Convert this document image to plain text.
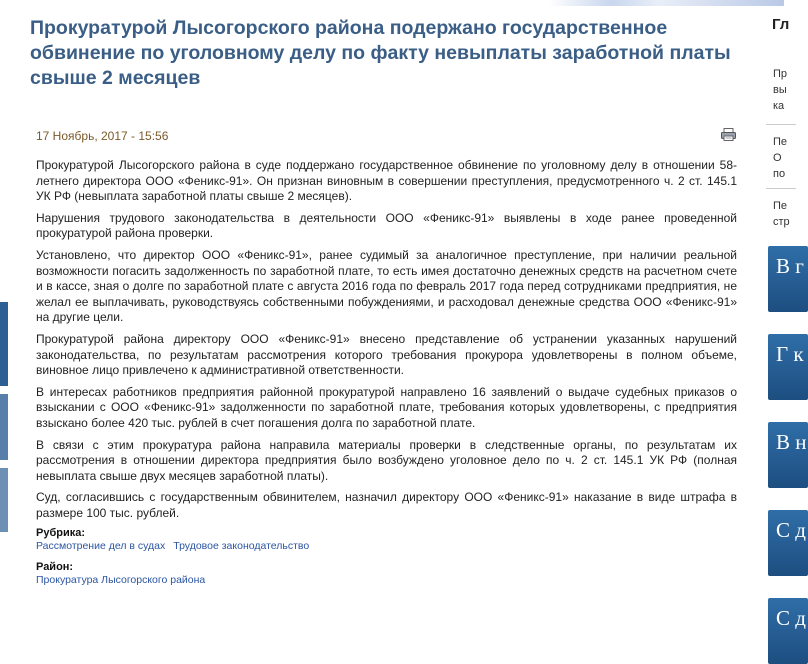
Прокуратурой Лысогорского района подержано государственное обвинение по уголовному делу по факту невыплаты заработной платы свыше 2 месяцев
17 Ноябрь, 2017 - 15:56

Прокуратурой Лысогорского района в суде поддержано государственное обвинение по уголовному делу в отношении 58-летнего директора ООО «Феникс-91». Он признан виновным в совершении преступления, предусмотренного ч. 2 ст. 145.1 УК РФ (невыплата заработной платы свыше 2 месяцев).

Нарушения трудового законодательства в деятельности ООО «Феникс-91» выявлены в ходе ранее проведенной прокуратурой района проверки.

Установлено, что директор ООО «Феникс-91», ранее судимый за аналогичное преступление, при наличии реальной возможности погасить задолженность по заработной плате, то есть имея достаточно денежных средств на расчетном счете и в кассе, зная о долге по заработной плате с августа 2016 года по февраль 2017 года перед сотрудниками предприятия, не желал ее выплачивать, руководствуясь собственными побуждениями, и расходовал денежные средства ООО «Феникс-91» на другие цели.

Прокуратурой района директору ООО «Феникс-91» внесено представление об устранении указанных нарушений законодательства, по результатам рассмотрения которого требования прокурора удовлетворены в полном объеме, виновное лицо привлечено к административной ответственности.

В интересах работников предприятия районной прокуратурой направлено 16 заявлений о выдаче судебных приказов о взыскании с ООО «Феникс-91» задолженности по заработной плате, требования которых удовлетворены, с предприятия взыскано более 420 тыс. рублей в счет погашения долга по заработной плате.

В связи с этим прокуратура района направила материалы проверки в следственные органы, по результатам их рассмотрения в отношении директора предприятия было возбуждено уголовное дело по ч. 2 ст. 145.1 УК РФ (полная невыплата свыше двух месяцев заработной платы).

Суд, согласившись с государственным обвинителем, назначил директору ООО «Феникс-91» наказание в виде штрафа в размере 100 тыс. рублей.

Рубрика:
Рассмотрение дел в судах Трудовое законодательство
Район:
Прокуратура Лысогорского района
Гл
Пр
вы
ка
Пе
О
по
Пе
стр
В г
Г к
В н
С д
С д
